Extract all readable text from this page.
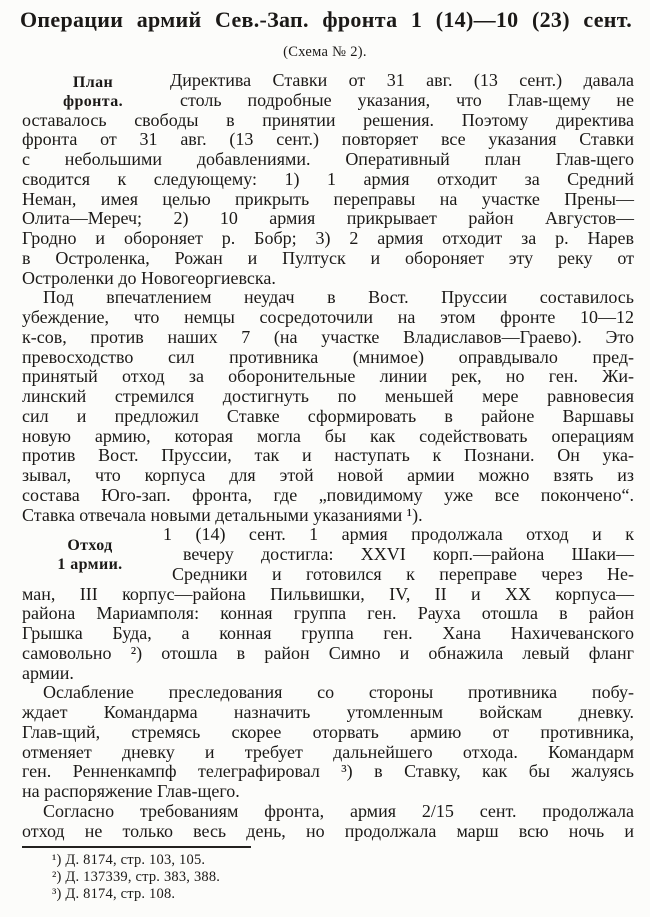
Операции армий Сев.-Зап. фронта 1 (14)—10 (23) сент.
(Схема № 2).
План
фронта.
Директива Ставки от 31 авг. (13 сент.) давала
столь подробные указания, что Глав-щему не
оставалось свободы в принятии решения. Поэтому директива
фронта от 31 авг. (13 сент.) повторяет все указания Ставки
с небольшими добавлениями. Оперативный план Глав-щего
сводится к следующему: 1) 1 армия отходит за Средний
Неман, имея целью прикрыть переправы на участке Прены—
Олита—Мереч; 2) 10 армия прикрывает район Августов—
Гродно и обороняет р. Бобр; 3) 2 армия отходит за р. Нарев
в Остроленка, Рожан и Пултуск и обороняет эту реку от
Остроленки до Новогеоргиевска.
Под впечатлением неудач в Вост. Пруссии составилось
убеждение, что немцы сосредоточили на этом фронте 10—12
к-сов, против наших 7 (на участке Владиславов—Граево). Это
превосходство сил противника (мнимое) оправдывало пред-
принятый отход за оборонительные линии рек, но ген. Жи-
линский стремился достигнуть по меньшей мере равновесия
сил и предложил Ставке сформировать в районе Варшавы
новую армию, которая могла бы как содействовать операциям
против Вост. Пруссии, так и наступать к Познани. Он ука-
зывал, что корпуса для этой новой армии можно взять из
состава Юго-зап. фронта, где „повидимому уже все покончено“.
Ставка отвечала новыми детальными указаниями ¹).
Отход
1 армии.
1 (14) сент. 1 армия продолжала отход и к
вечеру достигла: XXVI корп.—района Шаки—
Средники и готовился к переправе через Не-
ман, III корпус—района Пильвишки, IV, II и XX корпуса—
района Мариамполя: конная группа ген. Рауха отошла в район
Грышка Буда, а конная группа ген. Хана Нахичеванского
самовольно ²) отошла в район Симно и обнажила левый фланг
армии.
Ослабление преследования со стороны противника побу-
ждает Командарма назначить утомленным войскам дневку.
Глав-щий, стремясь скорее оторвать армию от противника,
отменяет дневку и требует дальнейшего отхода. Командарм
ген. Ренненкампф телеграфировал ³) в Ставку, как бы жалуясь
на распоряжение Глав-щего.
Согласно требованиям фронта, армия 2/15 сент. продолжала
отход не только весь день, но продолжала марш всю ночь и
¹) Д. 8174, стр. 103, 105.
²) Д. 137339, стр. 383, 388.
³) Д. 8174, стр. 108.
